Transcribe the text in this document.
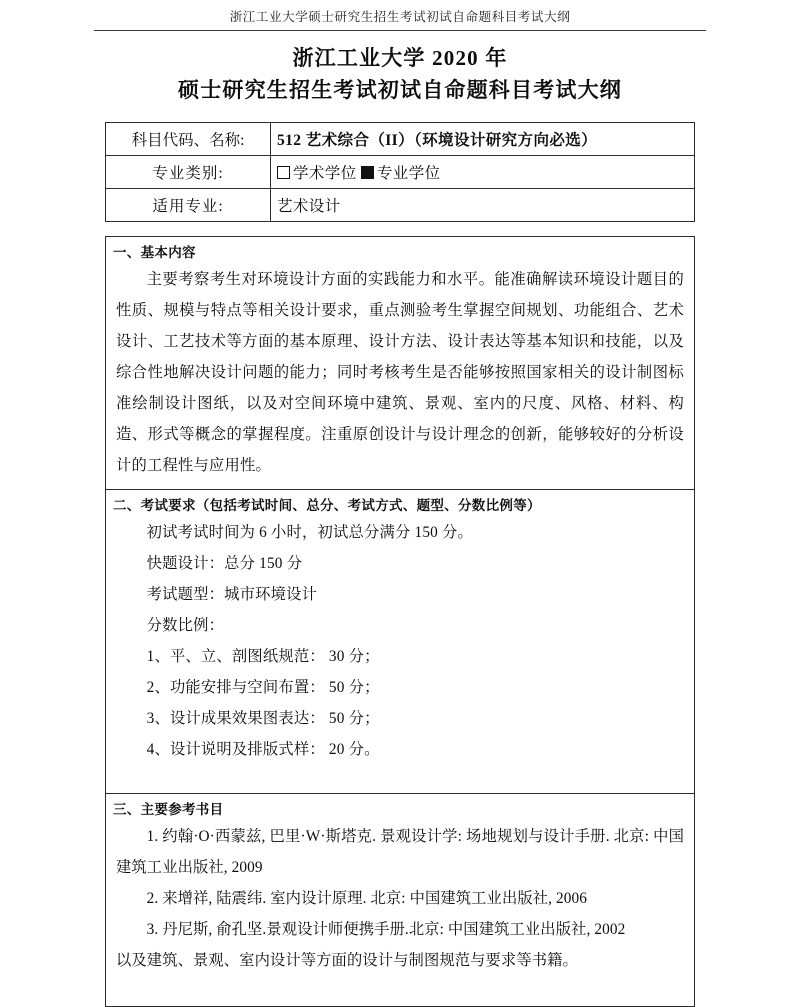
浙江工业大学硕士研究生招生考试初试自命题科目考试大纲
浙江工业大学 2020 年
硕士研究生招生考试初试自命题科目考试大纲
科目代码、名称:	512 艺术综合（II）（环境设计研究方向必选）
专业类别:	学术学位 专业学位
适用专业:	艺术设计
一、基本内容

主要考察考生对环境设计方面的实践能力和水平。能准确解读环境设计题目的性质、规模与特点等相关设计要求，重点测验考生掌握空间规划、功能组合、艺术设计、工艺技术等方面的基本原理、设计方法、设计表达等基本知识和技能，以及综合性地解决设计问题的能力；同时考核考生是否能够按照国家相关的设计制图标准绘制设计图纸，以及对空间环境中建筑、景观、室内的尺度、风格、材料、构造、形式等概念的掌握程度。注重原创设计与设计理念的创新，能够较好的分析设计的工程性与应用性。

二、考试要求（包括考试时间、总分、考试方式、题型、分数比例等）

初试考试时间为 6 小时，初试总分满分 150 分。

快题设计：总分 150 分

考试题型：城市环境设计

分数比例：

1、平、立、剖图纸规范： 30 分；

2、功能安排与空间布置： 50 分；

3、设计成果效果图表达： 50 分；

4、设计说明及排版式样： 20 分。

三、主要参考书目

1. 约翰·O·西蒙兹, 巴里·W·斯塔克. 景观设计学: 场地规划与设计手册. 北京: 中国建筑工业出版社, 2009

2. 来增祥, 陆震纬. 室内设计原理. 北京: 中国建筑工业出版社, 2006

3. 丹尼斯, 俞孔坚.景观设计师便携手册.北京: 中国建筑工业出版社, 2002

以及建筑、景观、室内设计等方面的设计与制图规范与要求等书籍。
